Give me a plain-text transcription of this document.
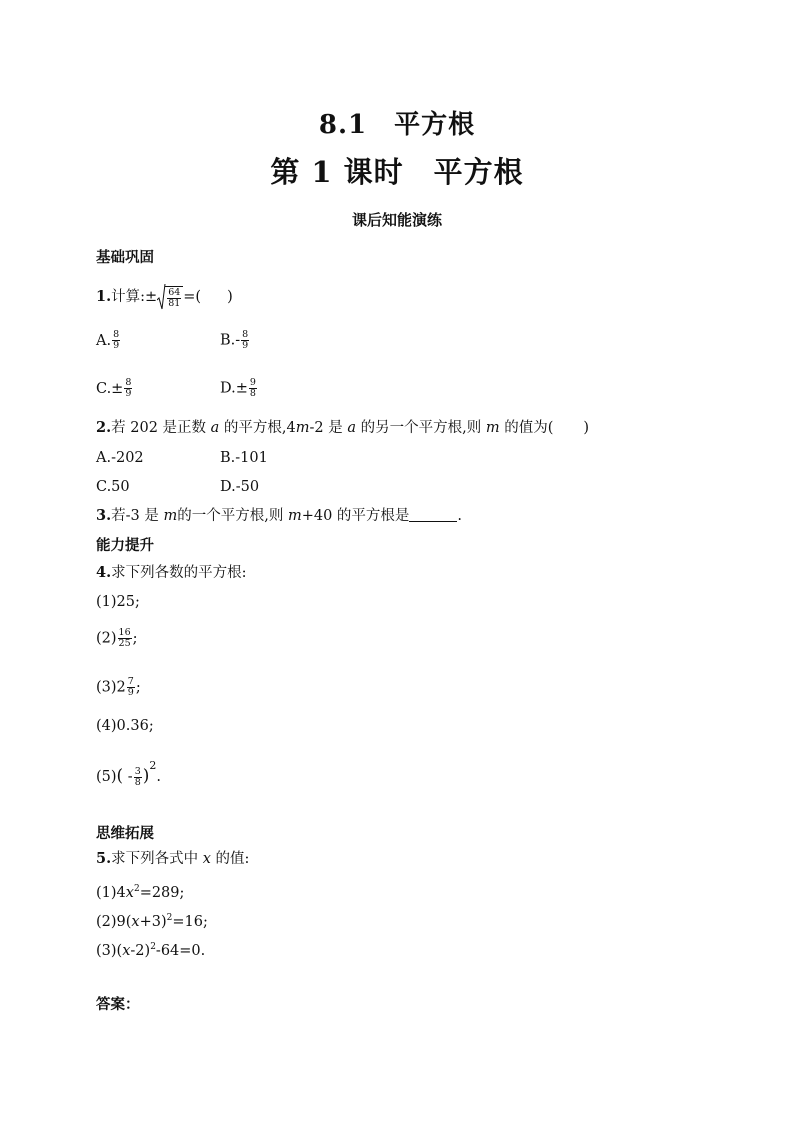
8.1　平方根
第 1 课时　平方根
课后知能演练
基础巩固
1.计算:± $\frac{64}{81}$ =( )
A. $\frac{8}{9}$	$B.- \frac{8}{9}$
$C.\pm \frac{8}{9}$	$D.\pm \frac{9}{8}$
2.若 202 是正数 a 的平方根,4m-2 是 a 的另一个平方根,则 m 的值为( )
A.-202	B.-101
C.50	D.-50
3.若-3 是 m的一个平方根,则 m+40 的平方根是	.
能力提升
4.求下列各数的平方根:
(1)25;
$(2) \frac{16}{25}$ ;
$(3)2 \frac{7}{9}$ ;
(4)0.36;
$(5)( - \frac{3}{8} )^2$.
思维拓展
5.求下列各式中 x 的值:
$(1)4x^2=289$;
$(2)9(x+3)^2=16$;
$(3)(x-2)^2-64=0$.
答案：
